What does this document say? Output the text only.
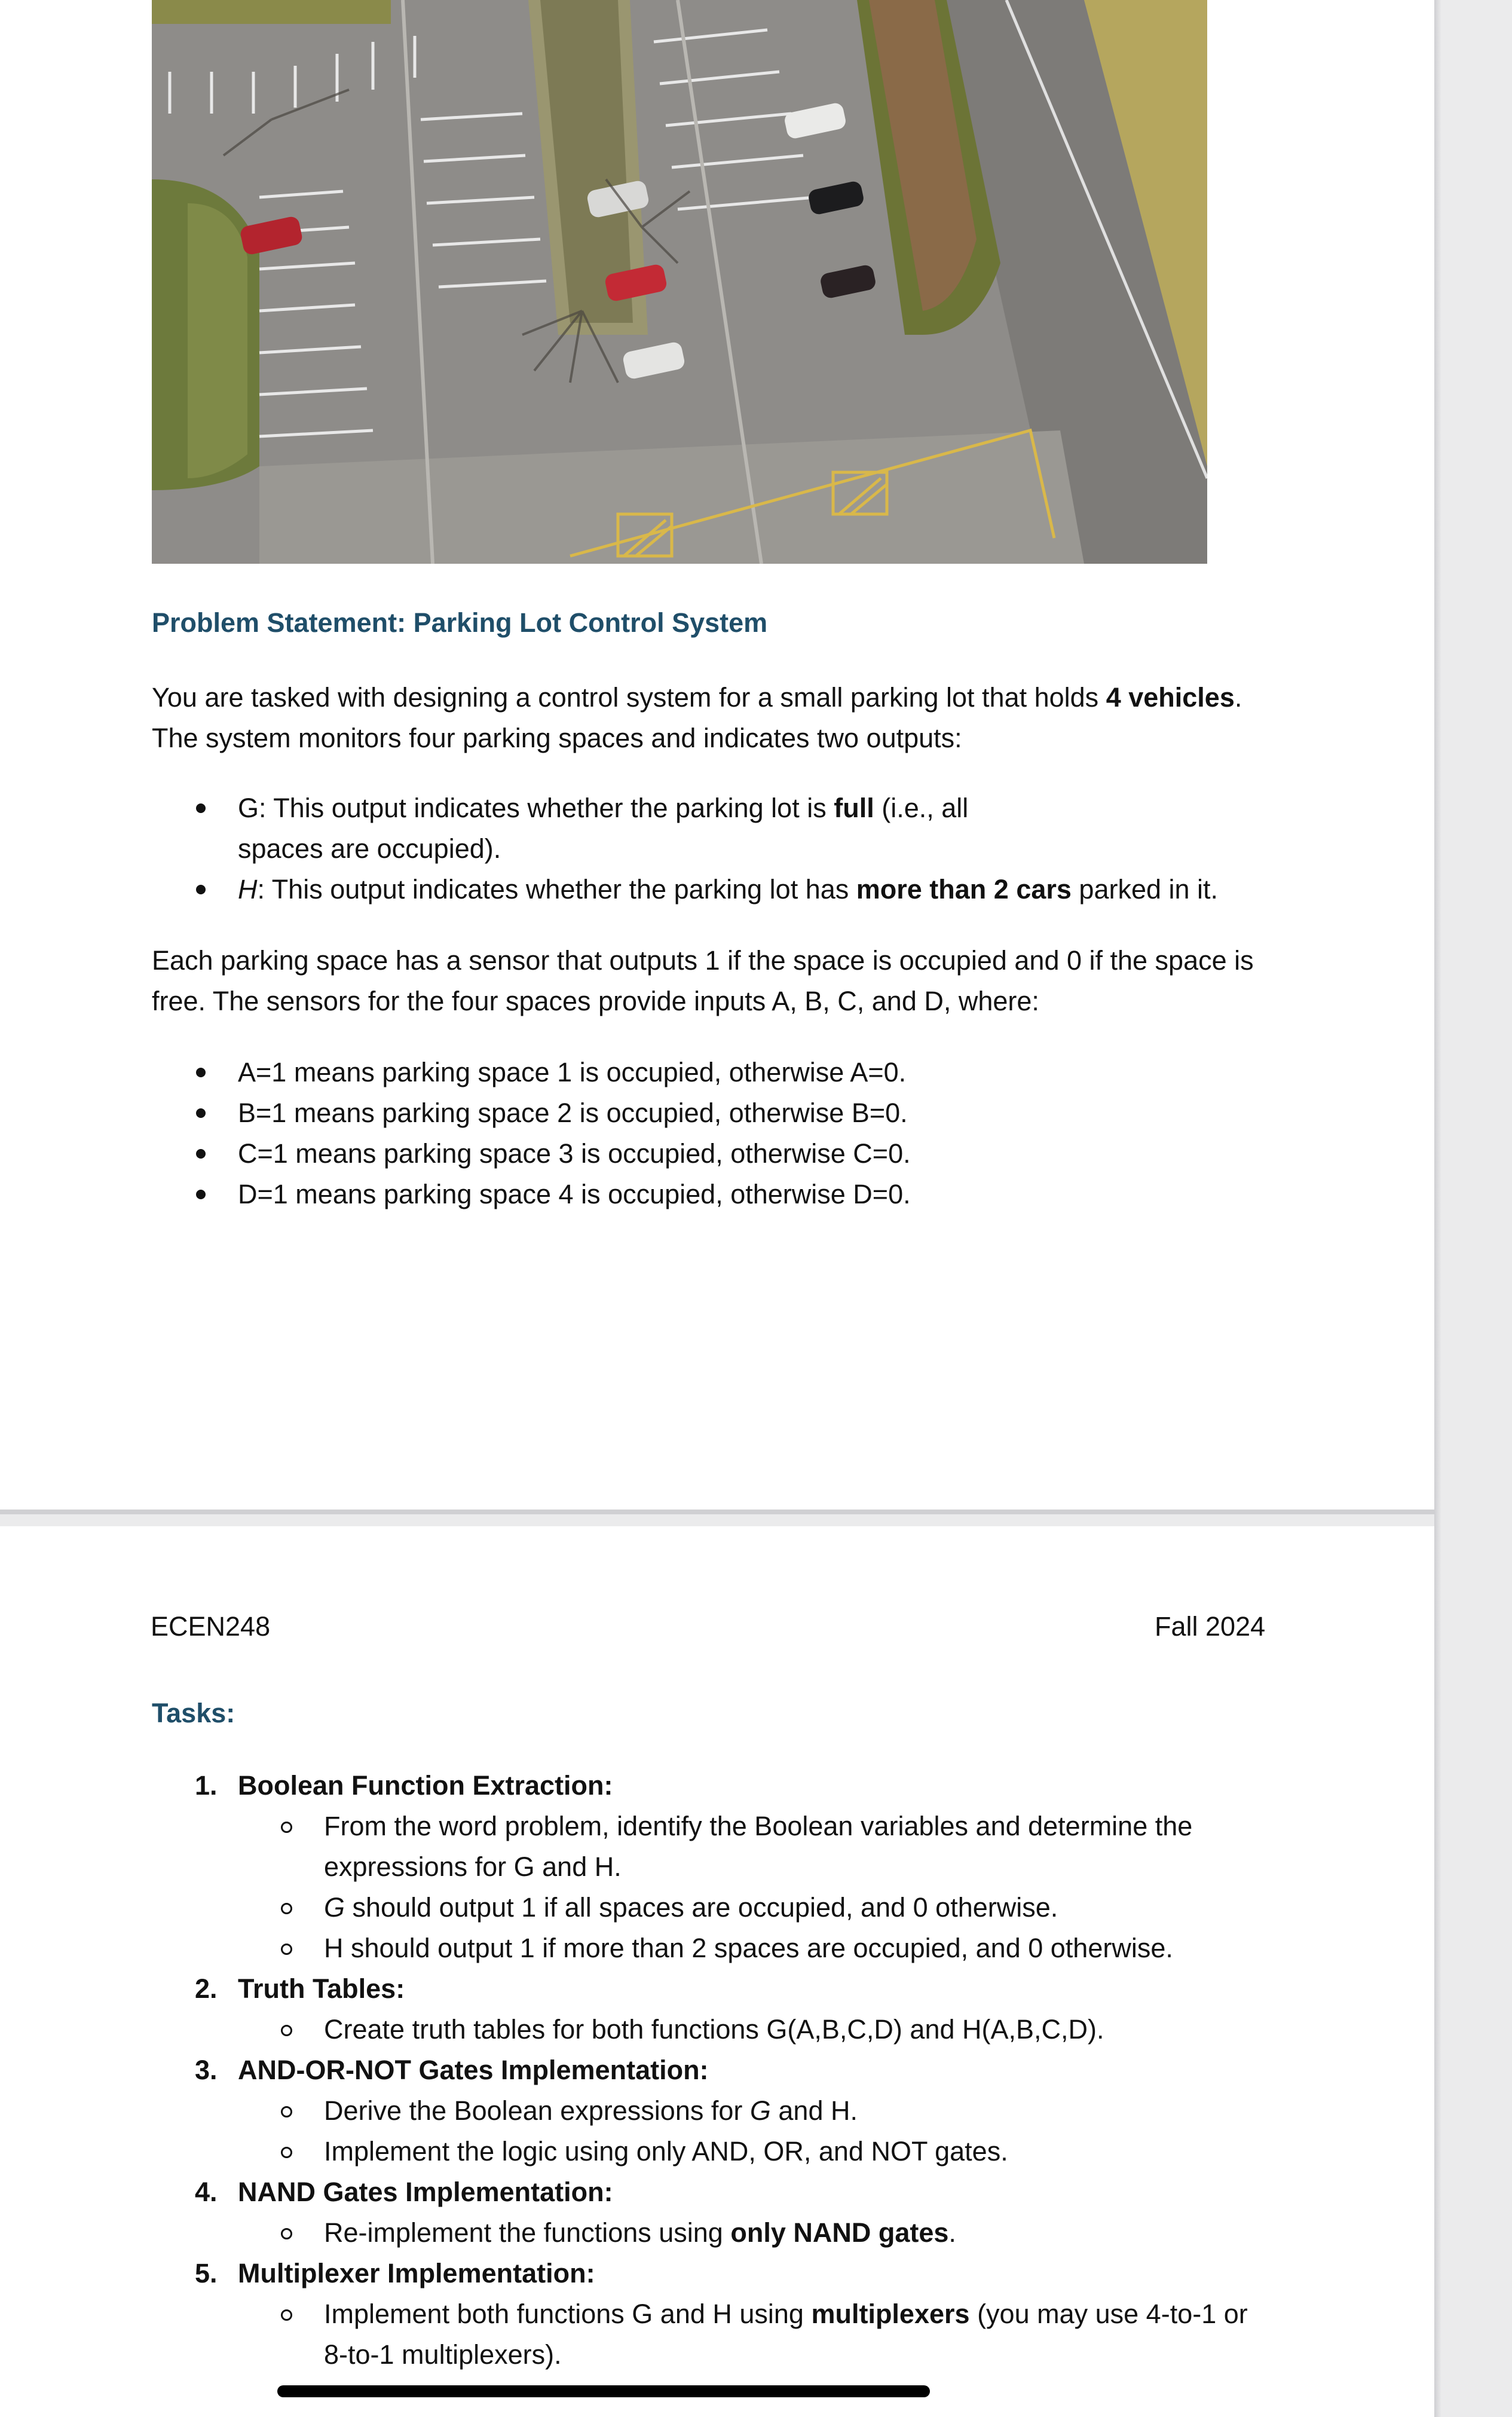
Problem Statement: Parking Lot Control System
You are tasked with designing a control system for a small parking lot that holds 4 vehicles. The system monitors four parking spaces and indicates two outputs:
G: This output indicates whether the parking lot is full (i.e., all spaces are occupied).
H: This output indicates whether the parking lot has more than 2 cars parked in it.
Each parking space has a sensor that outputs 1 if the space is occupied and 0 if the space is free. The sensors for the four spaces provide inputs A, B, C, and D, where:
A=1 means parking space 1 is occupied, otherwise A=0.
B=1 means parking space 2 is occupied, otherwise B=0.
C=1 means parking space 3 is occupied, otherwise C=0.
D=1 means parking space 4 is occupied, otherwise D=0.
ECEN248	Fall 2024
Tasks:
1. Boolean Function Extraction:
From the word problem, identify the Boolean variables and determine the expressions for G and H.
G should output 1 if all spaces are occupied, and 0 otherwise.
H should output 1 if more than 2 spaces are occupied, and 0 otherwise.
2. Truth Tables:
Create truth tables for both functions G(A,B,C,D) and H(A,B,C,D).
3. AND-OR-NOT Gates Implementation:
Derive the Boolean expressions for G and H.
Implement the logic using only AND, OR, and NOT gates.
4. NAND Gates Implementation:
Re-implement the functions using only NAND gates.
5. Multiplexer Implementation:
Implement both functions G and H using multiplexers (you may use 4-to-1 or 8-to-1 multiplexers).
